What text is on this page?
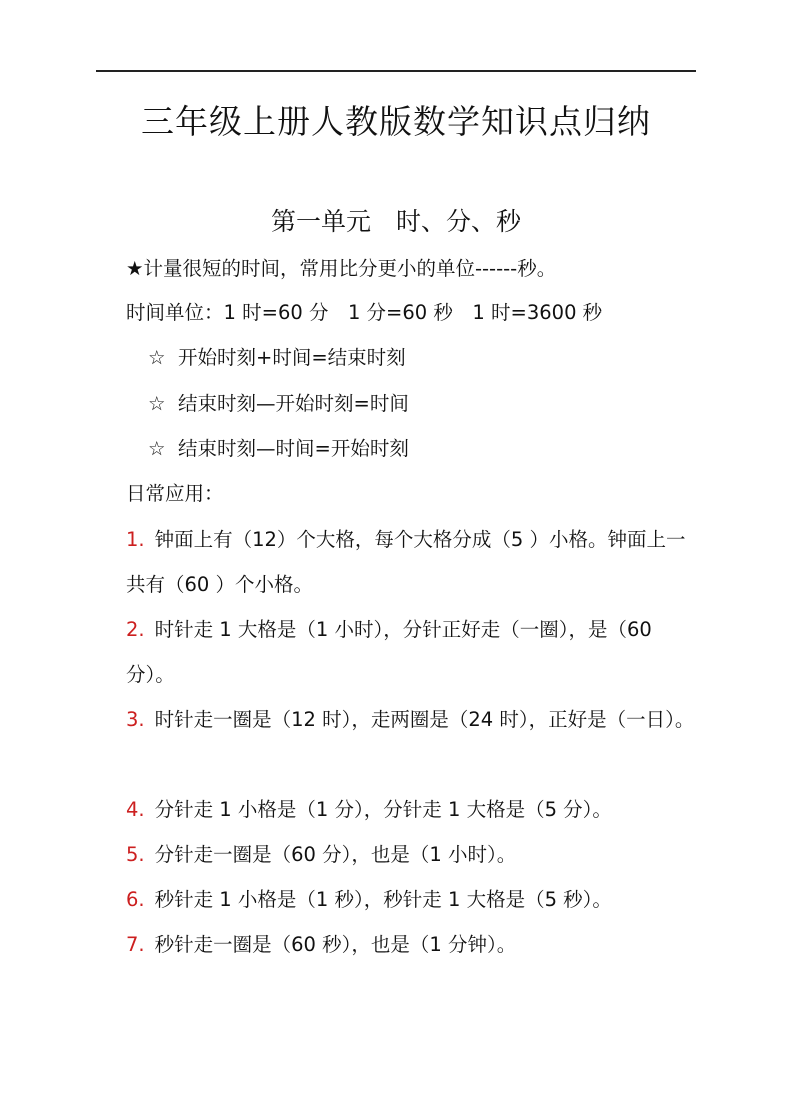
三年级上册人教版数学知识点归纳
第一单元　时、分、秒
★计量很短的时间，常用比分更小的单位------秒。
时间单位：1 时=60 分　1 分=60 秒　1 时=3600 秒
☆ 开始时刻+时间=结束时刻
☆ 结束时刻—开始时刻=时间
☆ 结束时刻—时间=开始时刻
日常应用：
1. 钟面上有（12）个大格，每个大格分成（5 ）小格。钟面上一共有（60 ）个小格。
2. 时针走 1 大格是（1 小时），分针正好走（一圈），是（60 分）。
3. 时针走一圈是（12 时），走两圈是（24 时），正好是（一日）。
4. 分针走 1 小格是（1 分），分针走 1 大格是（5 分）。
5. 分针走一圈是（60 分），也是（1 小时）。
6. 秒针走 1 小格是（1 秒），秒针走 1 大格是（5 秒）。
7. 秒针走一圈是（60 秒），也是（1 分钟）。
